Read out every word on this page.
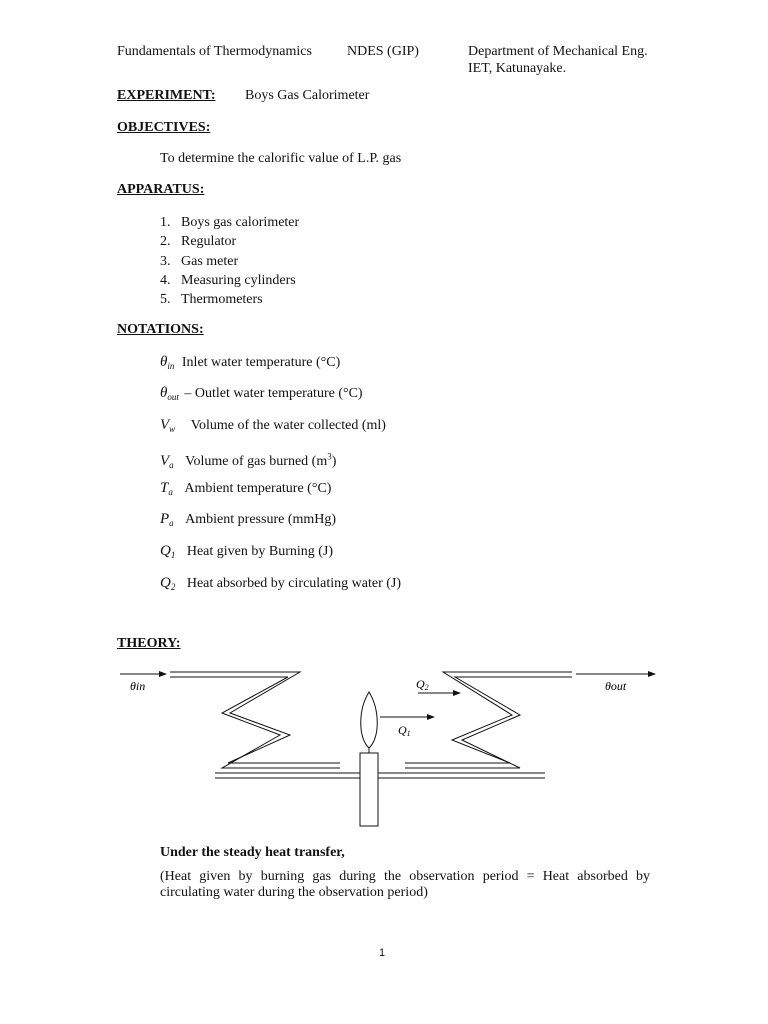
Fundamentals of Thermodynamics	NDES (GIP)	Department of Mechanical Eng.
IET, Katunayake.
EXPERIMENT: Boys Gas Calorimeter
OBJECTIVES:
To determine the calorific value of L.P. gas
APPARATUS:
1. Boys gas calorimeter
2. Regulator
3. Gas meter
4. Measuring cylinders
5. Thermometers
NOTATIONS:
$\theta_{in}$ Inlet water temperature (°C)
$\theta_{out}$ – Outlet water temperature (°C)
$V_w$ Volume of the water collected (ml)
$V_a$ Volume of gas burned $(m^3)$
$T_a$ Ambient temperature (°C)
$P_a$ Ambient pressure (mmHg)
$Q_1$ Heat given by Burning (J)
$Q_2$ Heat absorbed by circulating water (J)
THEORY:
θin	θout
Q1
Q2
Under the steady heat transfer,
(Heat given by burning gas during the observation period = Heat absorbed by circulating water during the observation period)
1
